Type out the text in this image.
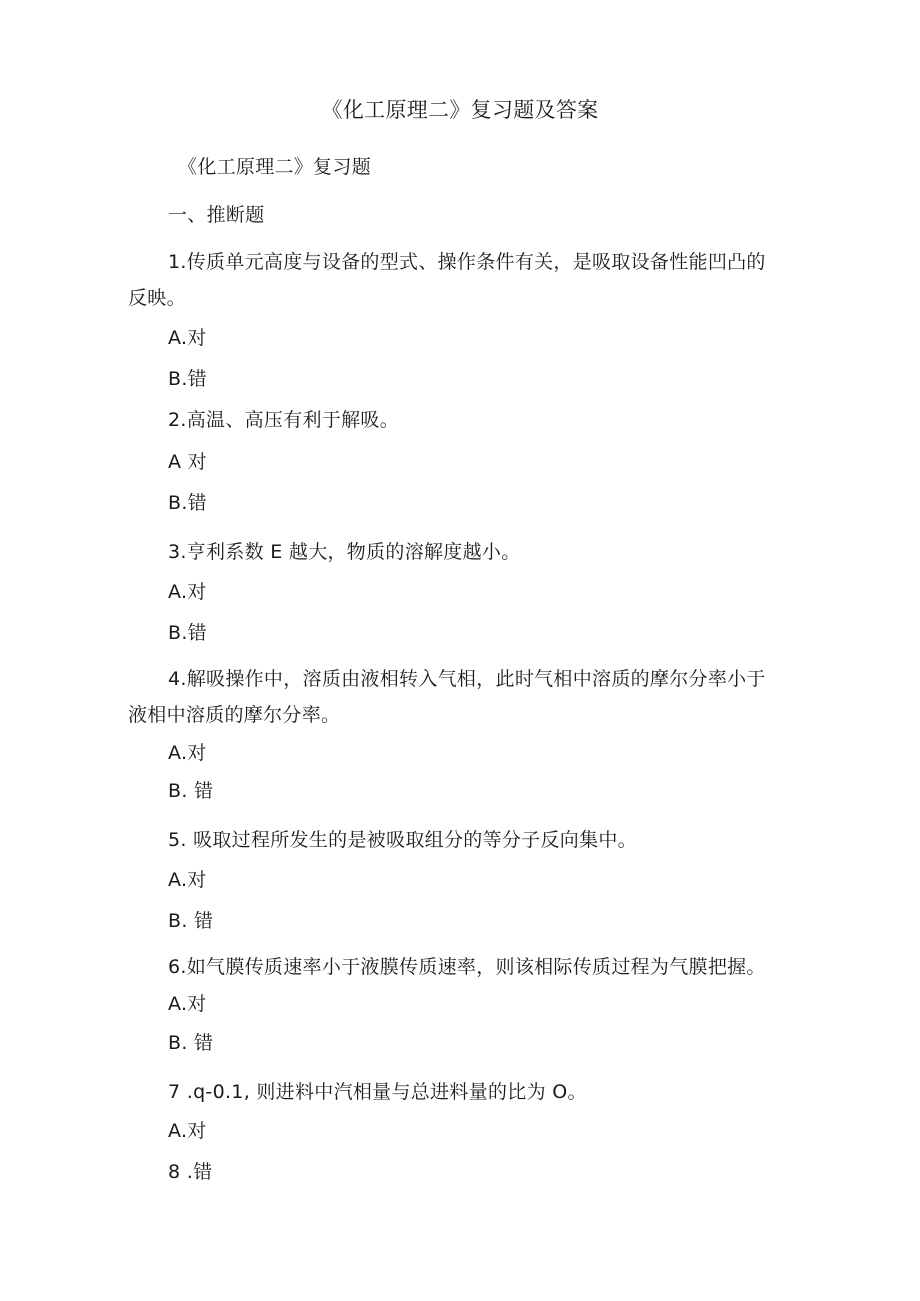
《化工原理二》复习题及答案
《化工原理二》复习题
一、推断题
1.传质单元高度与设备的型式、操作条件有关，是吸取设备性能凹凸的
反映。
A.对
B.错
2.高温、高压有利于解吸。
A 对
B.错
3.亨利系数 E 越大，物质的溶解度越小。
A.对
B.错
4.解吸操作中，溶质由液相转入气相，此时气相中溶质的摩尔分率小于
液相中溶质的摩尔分率。
A.对
B. 错
5. 吸取过程所发生的是被吸取组分的等分子反向集中。
A.对
B. 错
6.如气膜传质速率小于液膜传质速率，则该相际传质过程为气膜把握。
A.对
B. 错
7 .q-0.1, 则进料中汽相量与总进料量的比为 O。
A.对
8 .错
